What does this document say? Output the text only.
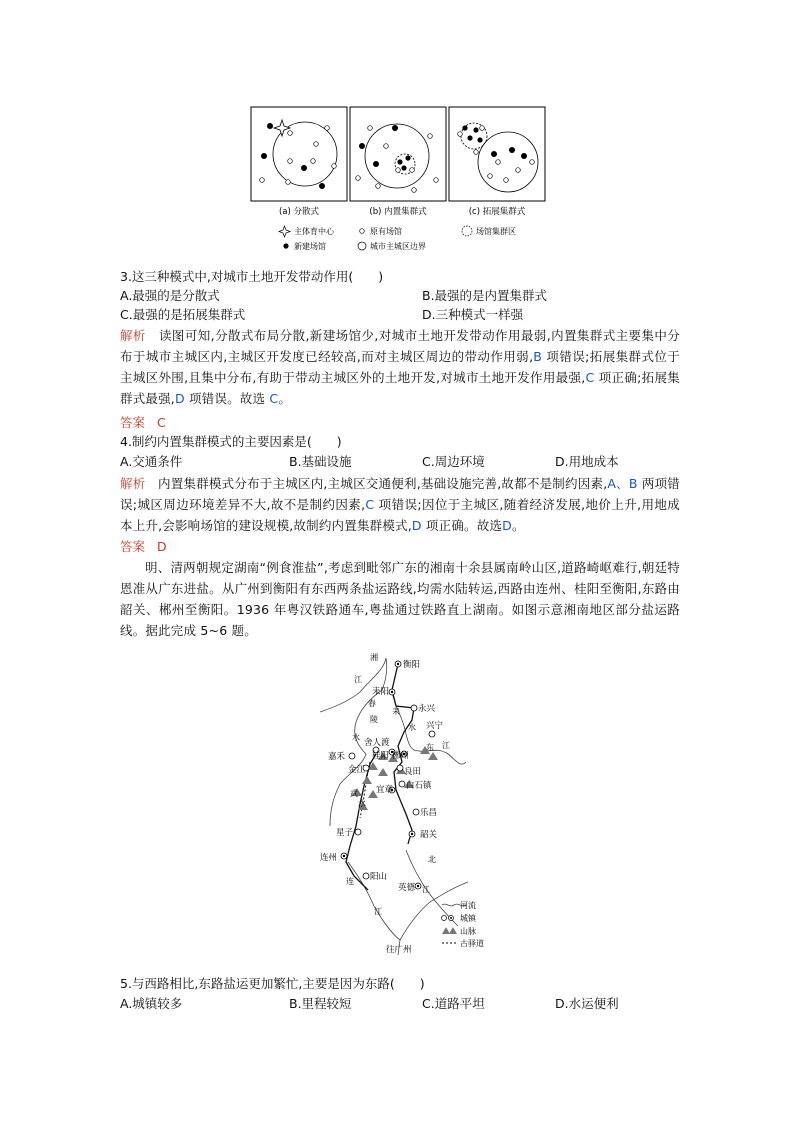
(a) 分散式	(b) 内置集群式	(c) 拓展集群式
主体育中心	原有场馆	场馆集群区
新建场馆	城市主城区边界
3.这三种模式中,对城市土地开发带动作用(　　)
A.最强的是分散式	B.最强的是内置集群式
C.最强的是拓展集群式	D.三种模式一样强
解析 读图可知,分散式布局分散,新建场馆少,对城市土地开发带动作用最弱,内置集群式主要集中分布于城市主城区内,主城区开发度已经较高,而对主城区周边的带动作用弱,B 项错误;拓展集群式位于主城区外围,且集中分布,有助于带动主城区外的土地开发,对城市土地开发作用最强,C 项正确;拓展集群式最强,D 项错误。故选 C。
答案 C
4.制约内置集群模式的主要因素是(　　)
A.交通条件	B.基础设施	C.周边环境	D.用地成本
解析 内置集群模式分布于主城区内,主城区交通便利,基础设施完善,故都不是制约因素,A、B 两项错误;城区周边环境差异不大,故不是制约因素,C 项错误;因位于主城区,随着经济发展,地价上升,用地成本上升,会影响场馆的建设规模,故制约内置集群模式,D 项正确。故选D。
答案 D
明、清两朝规定湖南“例食淮盐”,考虑到毗邻广东的湘南十余县属南岭山区,道路崎岖难行,朝廷特恩准从广东进盐。从广州到衡阳有东西两条盐运路线,均需水陆转运,西路由连州、桂阳至衡阳,东路由韶关、郴州至衡阳。1936 年粤汉铁路通车,粤盐通过铁路直上湖南。如图示意湘南地区部分盐运路线。据此完成 5~6 题。
衡阳
耒阳
永兴
兴宁
舍人渡
桂阳 郴州
嘉禾
金江	良田
白石镇
宜章
乐昌
韶关
星子
连州
阳山
英德
往广州
湘
江
舂
陵
水
耒
水
东 江
武
水
北
江
连
江
河流
城镇
山脉
古驿道
5.与西路相比,东路盐运更加繁忙,主要是因为东路(　　)
A.城镇较多	B.里程较短	C.道路平坦	D.水运便利
